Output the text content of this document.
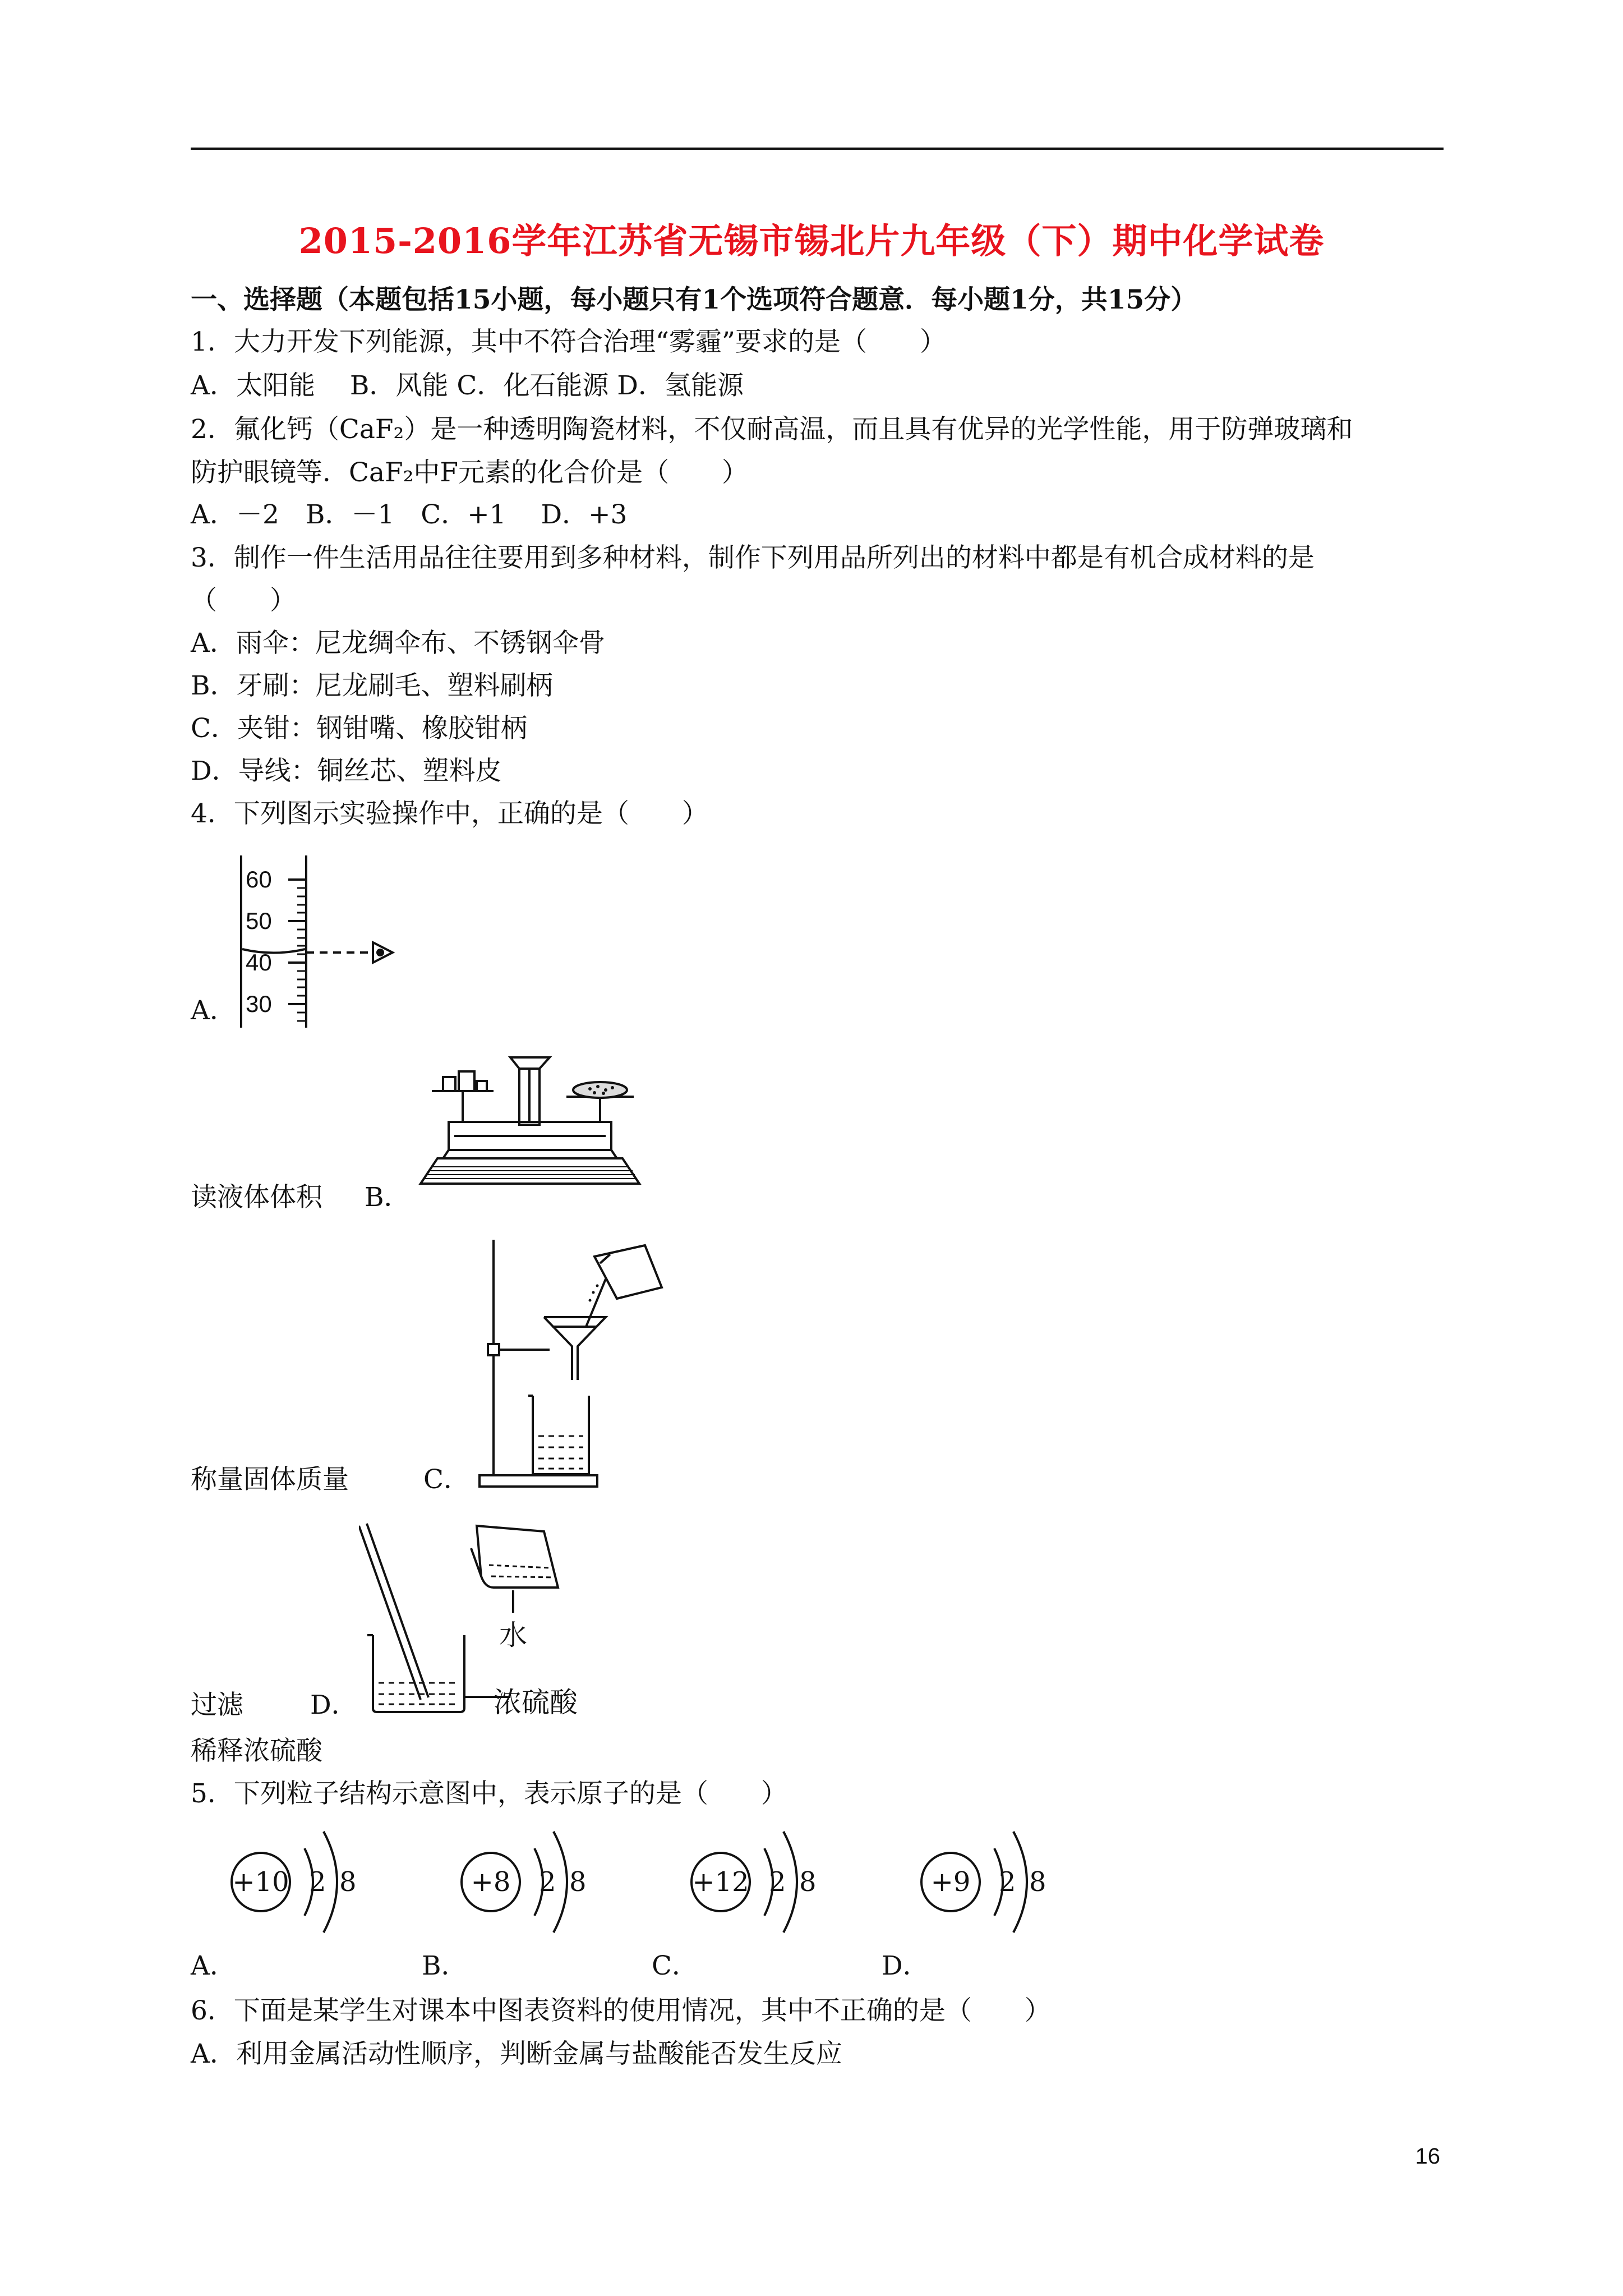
2015-2016学年江苏省无锡市锡北片九年级（下）期中化学试卷
一、选择题（本题包括15小题，每小题只有1个选项符合题意．每小题1分，共15分）
1．大力开发下列能源，其中不符合治理“雾霾”要求的是（　　）
A．太阳能　 B．风能 C．化石能源 D．氢能源
2．氟化钙（CaF₂）是一种透明陶瓷材料，不仅耐高温，而且具有优异的光学性能，用于防弹玻璃和
防护眼镜等．CaF₂中F元素的化合价是（　　）
A．－2　B．－1　C．+1　 D．+3
3．制作一件生活用品往往要用到多种材料，制作下列用品所列出的材料中都是有机合成材料的是
（　　）
A．雨伞：尼龙绸伞布、不锈钢伞骨
B．牙刷：尼龙刷毛、塑料刷柄
C．夹钳：钢钳嘴、橡胶钳柄
D．导线：铜丝芯、塑料皮
4．下列图示实验操作中，正确的是（　　）
60
50
40
30
A．
读液体体积 B．
称量固体质量	C．
水
浓硫酸
过滤	D．
稀释浓硫酸
5．下列粒子结构示意图中，表示原子的是（　　）
+10 2 8	+8	2 8	+12 2 8	+9	2 8
A．	B．	C．	D．
6．下面是某学生对课本中图表资料的使用情况，其中不正确的是（　　）
A．利用金属活动性顺序，判断金属与盐酸能否发生反应
16
